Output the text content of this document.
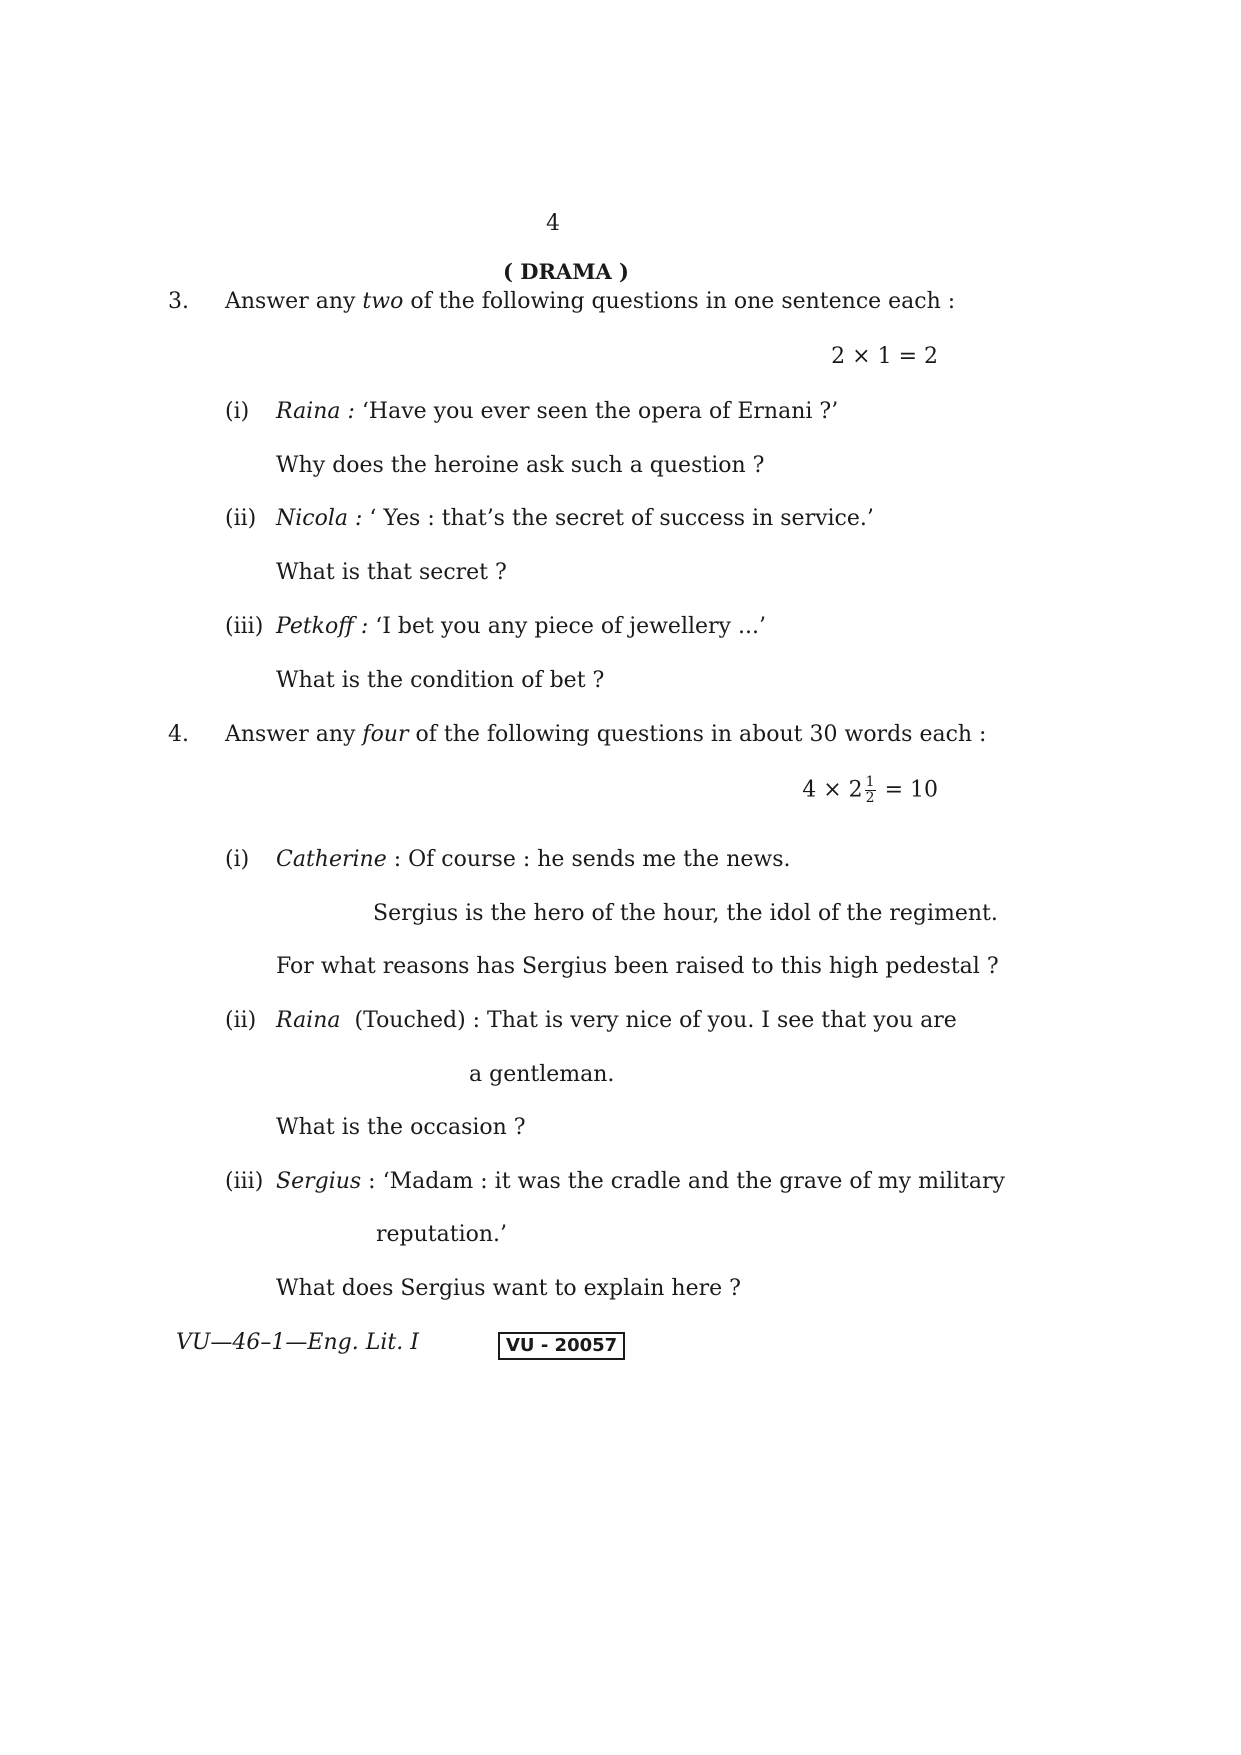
4
( DRAMA )
3. Answer any two of the following questions in one sentence each :
2 × 1 = 2
(i) Raina : ‘Have you ever seen the opera of Ernani ?’
Why does the heroine ask such a question ?
(ii) Nicola : ‘ Yes : that’s the secret of success in service.’
What is that secret ?
(iii) Petkoff : ‘I bet you any piece of jewellery ...’
What is the condition of bet ?
4. Answer any four of the following questions in about 30 words each :
$4 \times 2 \frac{1}{2} = 10$
(i) Catherine : Of course : he sends me the news.
Sergius is the hero of the hour, the idol of the regiment.
For what reasons has Sergius been raised to this high pedestal ?
(ii) Raina (Touched) : That is very nice of you. I see that you are
a gentleman.
What is the occasion ?
(iii) Sergius : ‘Madam : it was the cradle and the grave of my military
reputation.’
What does Sergius want to explain here ?
VU—46–1—Eng. Lit. I	VU - 20057
